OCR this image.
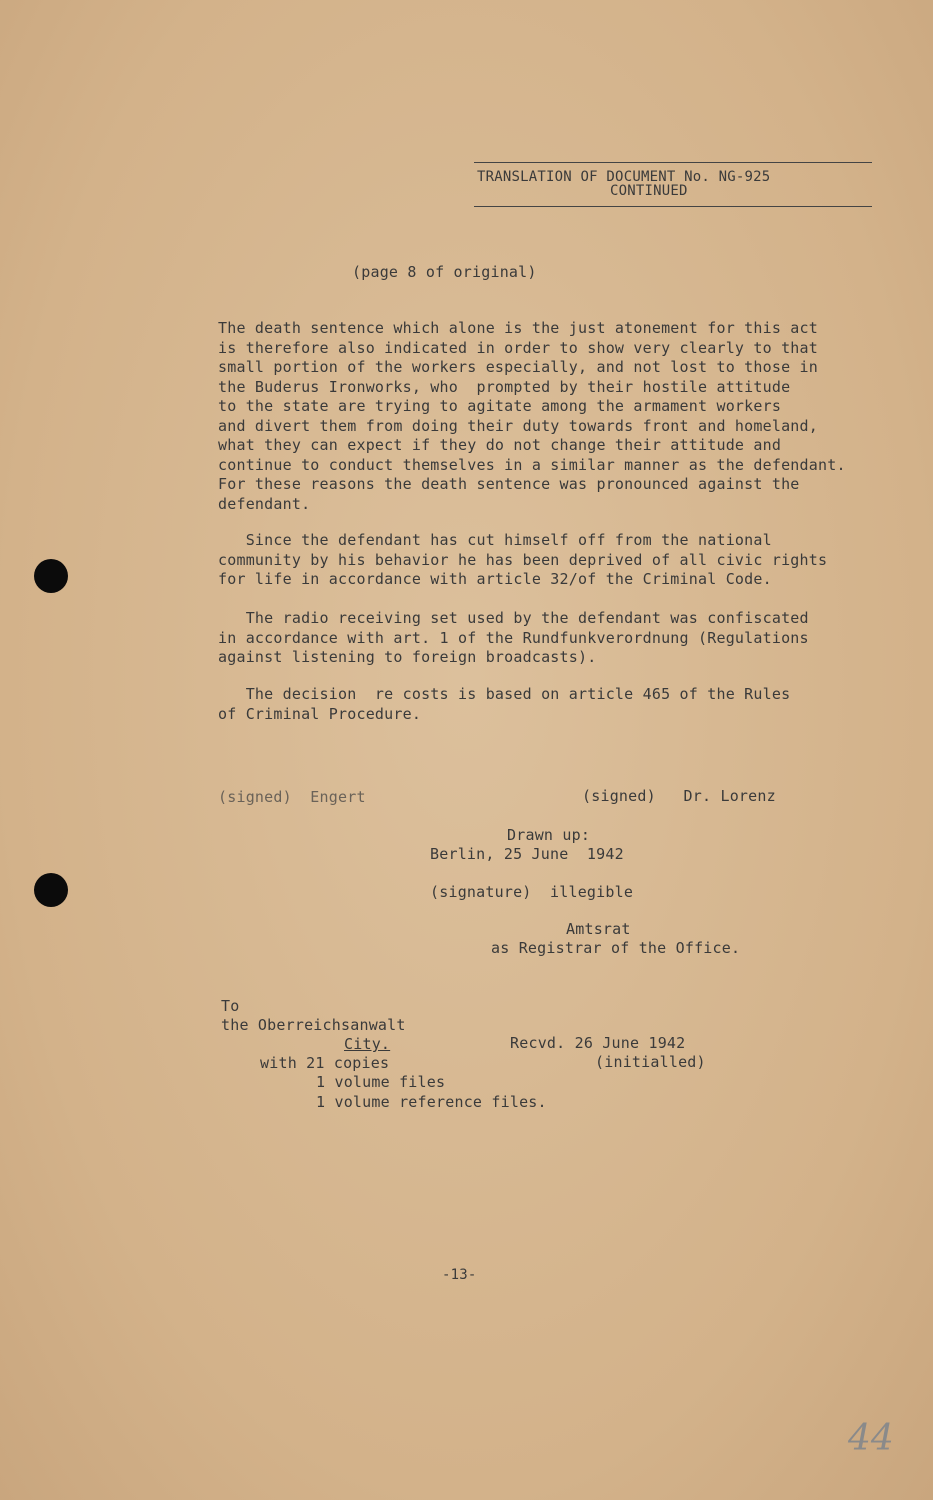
TRANSLATION OF DOCUMENT No. NG-925
CONTINUED
(page 8 of original)
The death sentence which alone is the just atonement for this act
is therefore also indicated in order to show very clearly to that
small portion of the workers especially, and not lost to those in
the Buderus Ironworks, who  prompted by their hostile attitude
to the state are trying to agitate among the armament workers
and divert them from doing their duty towards front and homeland,
what they can expect if they do not change their attitude and
continue to conduct themselves in a similar manner as the defendant.
For these reasons the death sentence was pronounced against the
defendant.
Since the defendant has cut himself off from the national
community by his behavior he has been deprived of all civic rights
for life in accordance with article 32/of the Criminal Code.
The radio receiving set used by the defendant was confiscated
in accordance with art. 1 of the Rundfunkverordnung (Regulations
against listening to foreign broadcasts).
The decision  re costs is based on article 465 of the Rules
of Criminal Procedure.
(signed)  Engert	(signed)   Dr. Lorenz
Drawn up:
Berlin, 25 June  1942
(signature)  illegible
Amtsrat
as Registrar of the Office.
To
the Oberreichsanwalt
City.
with 21 copies
1 volume files
1 volume reference files.
Recvd. 26 June 1942
(initialled)
-13-
44
